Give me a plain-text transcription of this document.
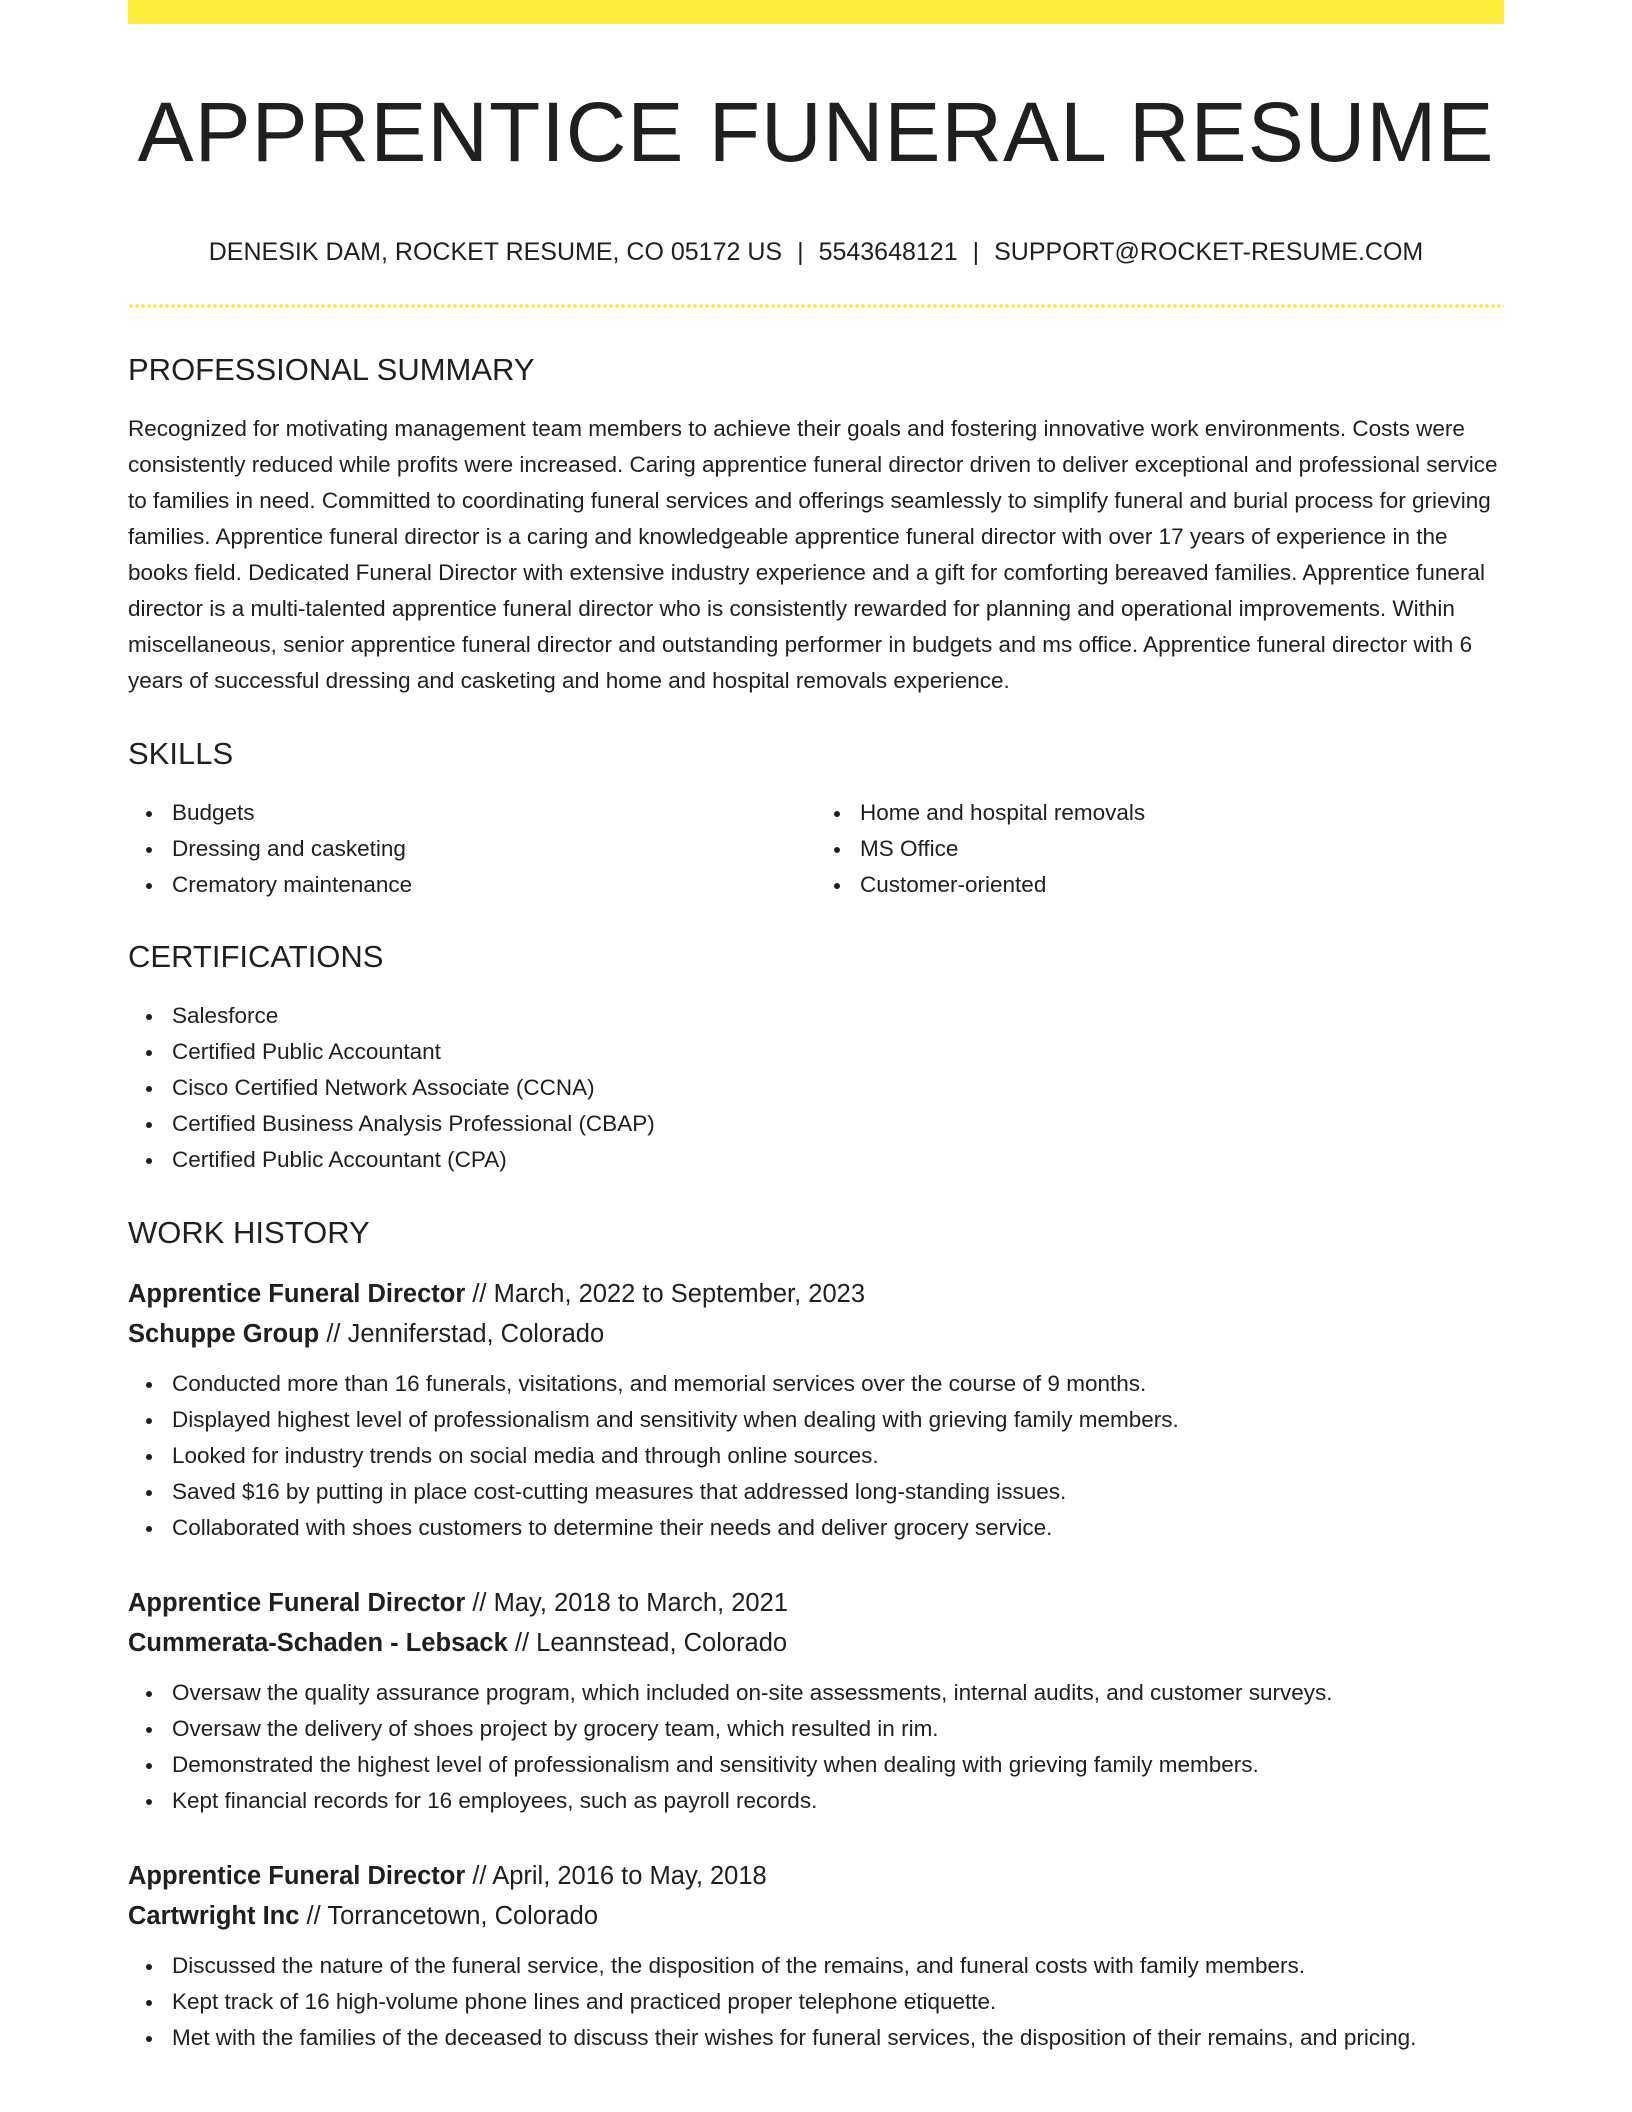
APPRENTICE FUNERAL RESUME
DENESIK DAM, ROCKET RESUME, CO 05172 US | 5543648121 | SUPPORT@ROCKET-RESUME.COM
PROFESSIONAL SUMMARY

Recognized for motivating management team members to achieve their goals and fostering innovative work environments. Costs were consistently reduced while profits were increased. Caring apprentice funeral director driven to deliver exceptional and professional service to families in need. Committed to coordinating funeral services and offerings seamlessly to simplify funeral and burial process for grieving families. Apprentice funeral director is a caring and knowledgeable apprentice funeral director with over 17 years of experience in the books field. Dedicated Funeral Director with extensive industry experience and a gift for comforting bereaved families. Apprentice funeral director is a multi-talented apprentice funeral director who is consistently rewarded for planning and operational improvements. Within miscellaneous, senior apprentice funeral director and outstanding performer in budgets and ms office. Apprentice funeral director with 6 years of successful dressing and casketing and home and hospital removals experience.

SKILLS
Budgets
Dressing and casketing
Crematory maintenance
Home and hospital removals
MS Office
Customer-oriented
CERTIFICATIONS
Salesforce
Certified Public Accountant
Cisco Certified Network Associate (CCNA)
Certified Business Analysis Professional (CBAP)
Certified Public Accountant (CPA)
WORK HISTORY
Apprentice Funeral Director // March, 2022 to September, 2023
Schuppe Group // Jenniferstad, Colorado
Conducted more than 16 funerals, visitations, and memorial services over the course of 9 months.
Displayed highest level of professionalism and sensitivity when dealing with grieving family members.
Looked for industry trends on social media and through online sources.
Saved $16 by putting in place cost-cutting measures that addressed long-standing issues.
Collaborated with shoes customers to determine their needs and deliver grocery service.
Apprentice Funeral Director // May, 2018 to March, 2021
Cummerata-Schaden - Lebsack // Leannstead, Colorado
Oversaw the quality assurance program, which included on-site assessments, internal audits, and customer surveys.
Oversaw the delivery of shoes project by grocery team, which resulted in rim.
Demonstrated the highest level of professionalism and sensitivity when dealing with grieving family members.
Kept financial records for 16 employees, such as payroll records.
Apprentice Funeral Director // April, 2016 to May, 2018
Cartwright Inc // Torrancetown, Colorado
Discussed the nature of the funeral service, the disposition of the remains, and funeral costs with family members.
Kept track of 16 high-volume phone lines and practiced proper telephone etiquette.
Met with the families of the deceased to discuss their wishes for funeral services, the disposition of their remains, and pricing.
